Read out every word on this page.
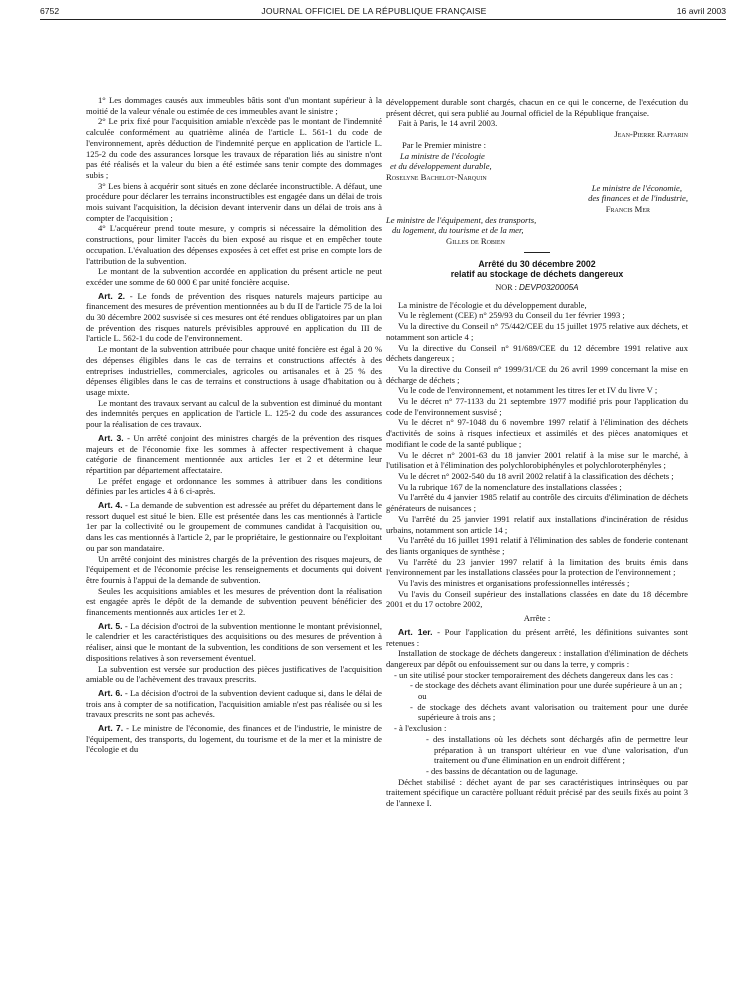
6752	JOURNAL OFFICIEL DE LA RÉPUBLIQUE FRANÇAISE	16 avril 2003

1° Les dommages causés aux immeubles bâtis sont d'un montant supérieur à la moitié de la valeur vénale ou estimée de ces immeubles avant le sinistre ;

2° Le prix fixé pour l'acquisition amiable n'excède pas le montant de l'indemnité calculée conformément au quatrième alinéa de l'article L. 561-1 du code de l'environnement, après déduction de l'indemnité perçue en application de l'article L. 125-2 du code des assurances lorsque les travaux de réparation liés au sinistre n'ont pas été réalisés et la valeur du bien a été estimée sans tenir compte des dommages subis ;

3° Les biens à acquérir sont situés en zone déclarée inconstructible. A défaut, une procédure pour déclarer les terrains inconstructibles est engagée dans un délai de trois mois suivant l'acquisition, la décision devant intervenir dans un délai de trois ans à compter de l'acquisition ;

4° L'acquéreur prend toute mesure, y compris si nécessaire la démolition des constructions, pour limiter l'accès du bien exposé au risque et en empêcher toute occupation. L'évaluation des dépenses exposées à cet effet est prise en compte lors de l'attribution de la subvention.

Le montant de la subvention accordée en application du présent article ne peut excéder une somme de 60 000 € par unité foncière acquise.

Art. 2. - Le fonds de prévention des risques naturels majeurs participe au financement des mesures de prévention mentionnées au b du II de l'article 75 de la loi du 30 décembre 2002 susvisée si ces mesures ont été rendues obligatoires par un plan de prévention des risques naturels prévisibles approuvé en application du III de l'article L. 562-1 du code de l'environnement.

Le montant de la subvention attribuée pour chaque unité foncière est égal à 20 % des dépenses éligibles dans le cas de terrains et constructions affectés à des entreprises industrielles, commerciales, agricoles ou artisanales et à 25 % des dépenses éligibles dans le cas de terrains et constructions à usage d'habitation ou à usage mixte.

Le montant des travaux servant au calcul de la subvention est diminué du montant des indemnités perçues en application de l'article L. 125-2 du code des assurances pour la réalisation de ces travaux.

Art. 3. - Un arrêté conjoint des ministres chargés de la prévention des risques majeurs et de l'économie fixe les sommes à affecter respectivement à chaque catégorie de financement mentionnée aux articles 1er et 2 et détermine leur répartition par département affectataire.

Le préfet engage et ordonnance les sommes à attribuer dans les conditions définies par les articles 4 à 6 ci-après.

Art. 4. - La demande de subvention est adressée au préfet du département dans le ressort duquel est situé le bien. Elle est présentée dans les cas mentionnés à l'article 1er par la collectivité ou le groupement de communes candidat à l'acquisition ou, dans les cas mentionnés à l'article 2, par le propriétaire, le gestionnaire ou l'exploitant ou par son mandataire.

Un arrêté conjoint des ministres chargés de la prévention des risques majeurs, de l'équipement et de l'économie précise les renseignements et documents qui doivent être fournis à l'appui de la demande de subvention.

Seules les acquisitions amiables et les mesures de prévention dont la réalisation est engagée après le dépôt de la demande de subvention peuvent bénéficier des financements mentionnés aux articles 1er et 2.

Art. 5. - La décision d'octroi de la subvention mentionne le montant prévisionnel, le calendrier et les caractéristiques des acquisitions ou des mesures de prévention à réaliser, ainsi que le montant de la subvention, les conditions de son versement et les dispositions relatives à son reversement éventuel.

La subvention est versée sur production des pièces justificatives de l'acquisition amiable ou de l'achèvement des travaux prescrits.

Art. 6. - La décision d'octroi de la subvention devient caduque si, dans le délai de trois ans à compter de sa notification, l'acquisition amiable n'est pas réalisée ou si les travaux prescrits ne sont pas achevés.

Art. 7. - Le ministre de l'économie, des finances et de l'industrie, le ministre de l'équipement, des transports, du logement, du tourisme et de la mer et la ministre de l'écologie et du

développement durable sont chargés, chacun en ce qui le concerne, de l'exécution du présent décret, qui sera publié au Journal officiel de la République française.

Fait à Paris, le 14 avril 2003.

Jean-Pierre Raffarin

Par le Premier ministre :

La ministre de l'écologie

et du développement durable,

Roselyne Bachelot-Narquin

Le ministre de l'économie,

des finances et de l'industrie,

Francis Mer

Le ministre de l'équipement, des transports,

du logement, du tourisme et de la mer,

Gilles de Robien

Arrêté du 30 décembre 2002
relatif au stockage de déchets dangereux
NOR : DEVP0320005A

La ministre de l'écologie et du développement durable,

Vu le règlement (CEE) n° 259/93 du Conseil du 1er février 1993 ;

Vu la directive du Conseil n° 75/442/CEE du 15 juillet 1975 relative aux déchets, et notamment son article 4 ;

Vu la directive du Conseil n° 91/689/CEE du 12 décembre 1991 relative aux déchets dangereux ;

Vu la directive du Conseil n° 1999/31/CE du 26 avril 1999 concernant la mise en décharge de déchets ;

Vu le code de l'environnement, et notamment les titres Ier et IV du livre V ;

Vu le décret n° 77-1133 du 21 septembre 1977 modifié pris pour l'application du code de l'environnement susvisé ;

Vu le décret n° 97-1048 du 6 novembre 1997 relatif à l'élimination des déchets d'activités de soins à risques infectieux et assimilés et des pièces anatomiques et modifiant le code de la santé publique ;

Vu le décret n° 2001-63 du 18 janvier 2001 relatif à la mise sur le marché, à l'utilisation et à l'élimination des polychlorobiphényles et polychloroterphényles ;

Vu le décret n° 2002-540 du 18 avril 2002 relatif à la classification des déchets ;

Vu la rubrique 167 de la nomenclature des installations classées ;

Vu l'arrêté du 4 janvier 1985 relatif au contrôle des circuits d'élimination de déchets générateurs de nuisances ;

Vu l'arrêté du 25 janvier 1991 relatif aux installations d'incinération de résidus urbains, notamment son article 14 ;

Vu l'arrêté du 16 juillet 1991 relatif à l'élimination des sables de fonderie contenant des liants organiques de synthèse ;

Vu l'arrêté du 23 janvier 1997 relatif à la limitation des bruits émis dans l'environnement par les installations classées pour la protection de l'environnement ;

Vu l'avis des ministres et organisations professionnelles intéressés ;

Vu l'avis du Conseil supérieur des installations classées en date du 18 décembre 2001 et du 17 octobre 2002,

Arrête :

Art. 1er. - Pour l'application du présent arrêté, les définitions suivantes sont retenues :

Installation de stockage de déchets dangereux : installation d'élimination de déchets dangereux par dépôt ou enfouissement sur ou dans la terre, y compris :

- un site utilisé pour stocker temporairement des déchets dangereux dans les cas :

- de stockage des déchets avant élimination pour une durée supérieure à un an ;

ou

- de stockage des déchets avant valorisation ou traitement pour une durée supérieure à trois ans ;

- à l'exclusion :

- des installations où les déchets sont déchargés afin de permettre leur préparation à un transport ultérieur en vue d'une valorisation, d'un traitement ou d'une élimination en un endroit différent ;

- des bassins de décantation ou de lagunage.

Déchet stabilisé : déchet ayant de par ses caractéristiques intrinsèques ou par traitement spécifique un caractère polluant réduit précisé par des seuils fixés au point 3 de l'annexe I.
